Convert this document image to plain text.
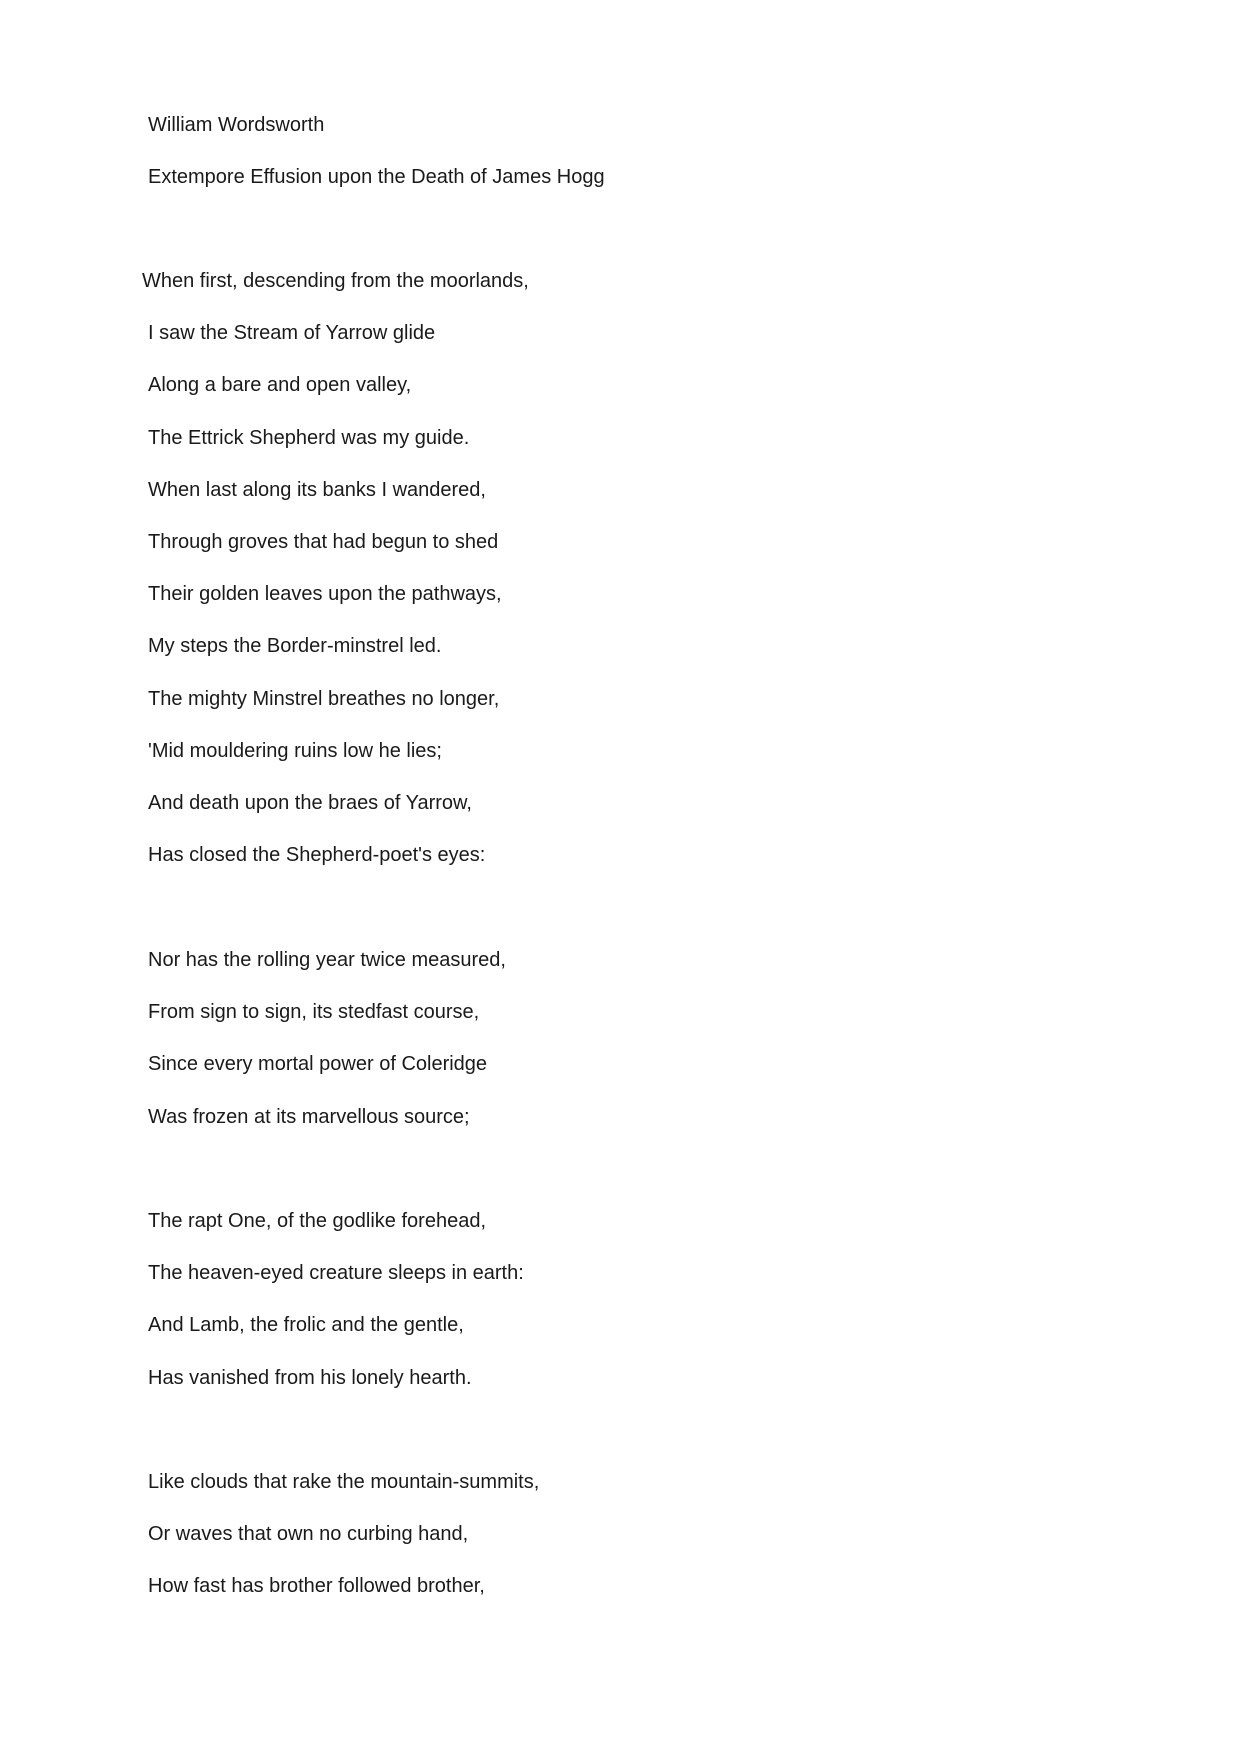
William Wordsworth
Extempore Effusion upon the Death of James Hogg
When first, descending from the moorlands,
I saw the Stream of Yarrow glide
Along a bare and open valley,
The Ettrick Shepherd was my guide.
When last along its banks I wandered,
Through groves that had begun to shed
Their golden leaves upon the pathways,
My steps the Border-minstrel led.
The mighty Minstrel breathes no longer,
'Mid mouldering ruins low he lies;
And death upon the braes of Yarrow,
Has closed the Shepherd-poet's eyes:
Nor has the rolling year twice measured,
From sign to sign, its stedfast course,
Since every mortal power of Coleridge
Was frozen at its marvellous source;
The rapt One, of the godlike forehead,
The heaven-eyed creature sleeps in earth:
And Lamb, the frolic and the gentle,
Has vanished from his lonely hearth.
Like clouds that rake the mountain-summits,
Or waves that own no curbing hand,
How fast has brother followed brother,
